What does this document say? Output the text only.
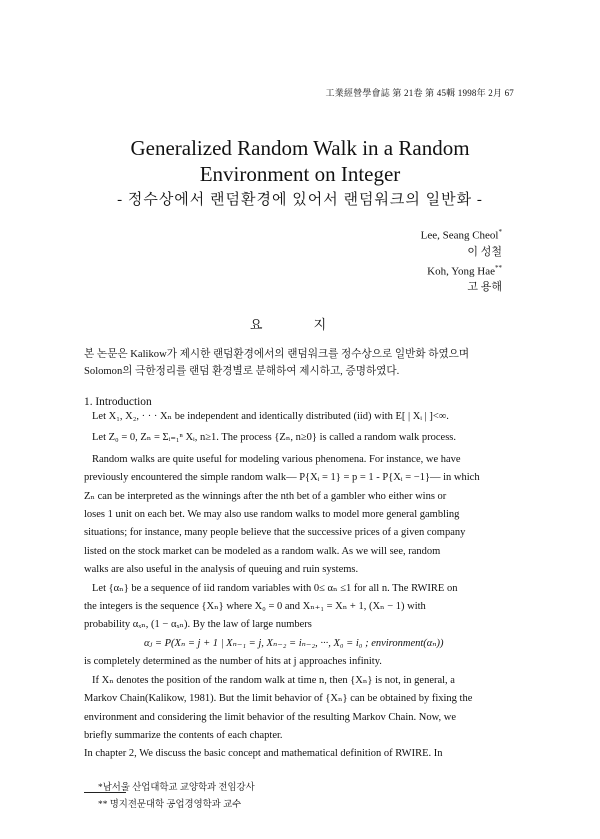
工業經營學會誌 第 21卷 第 45輯 1998年 2月 67
Generalized Random Walk in a Random
Environment on Integer
- 정수상에서 랜덤환경에 있어서 랜덤워크의 일반화 -
Lee, Seang Cheol*
이 성철
Koh, Yong Hae**
고 용해
요 지
본 논문은 Kalikow가 제시한 랜덤환경에서의 랜덤워크를 정수상으로 일반화 하였으며
Solomon의 극한정리를 랜덤 환경별로 분해하여 제시하고, 증명하였다.
1. Introduction
Let X₁, X₂, · · · Xₙ be independent and identically distributed (iid) with E[ | Xᵢ | ]<∞.
Let Z₀ = 0, Zₙ = Σᵢ₌₁ⁿ Xᵢ, n≥1. The process {Zₙ, n≥0} is called a random walk process.
Random walks are quite useful for modeling various phenomena. For instance, we have
previously encountered the simple random walk— P{Xᵢ = 1} = p = 1 - P{Xᵢ = −1}— in which
Zₙ can be interpreted as the winnings after the nth bet of a gambler who either wins or
loses 1 unit on each bet. We may also use random walks to model more general gambling
situations; for instance, many people believe that the successive prices of a given company
listed on the stock market can be modeled as a random walk. As we will see, random
walks are also useful in the analysis of queuing and ruin systems.
Let {αₙ} be a sequence of iid random variables with 0≤ αₙ ≤1 for all n. The RWIRE on
the integers is the sequence {Xₙ} where X₀ = 0 and Xₙ₊₁ = Xₙ + 1, (Xₙ − 1) with
probability αₓₙ, (1 − αₓₙ). By the law of large numbers
αⱼ = P(Xₙ = j + 1 | Xₙ₋₁ = j, Xₙ₋₂ = iₙ₋₂, ···, X₀ = i₀ ; environment(αₙ))
is completely determined as the number of hits at j approaches infinity.
If Xₙ denotes the position of the random walk at time n, then {Xₙ} is not, in general, a
Markov Chain(Kalikow, 1981). But the limit behavior of {Xₙ} can be obtained by fixing the
environment and considering the limit behavior of the resulting Markov Chain. Now, we
briefly summarize the contents of each chapter.
In chapter 2, We discuss the basic concept and mathematical definition of RWIRE. In
*남서울 산업대학교 교양학과 전임강사
** 명지전문대학 공업경영학과 교수
